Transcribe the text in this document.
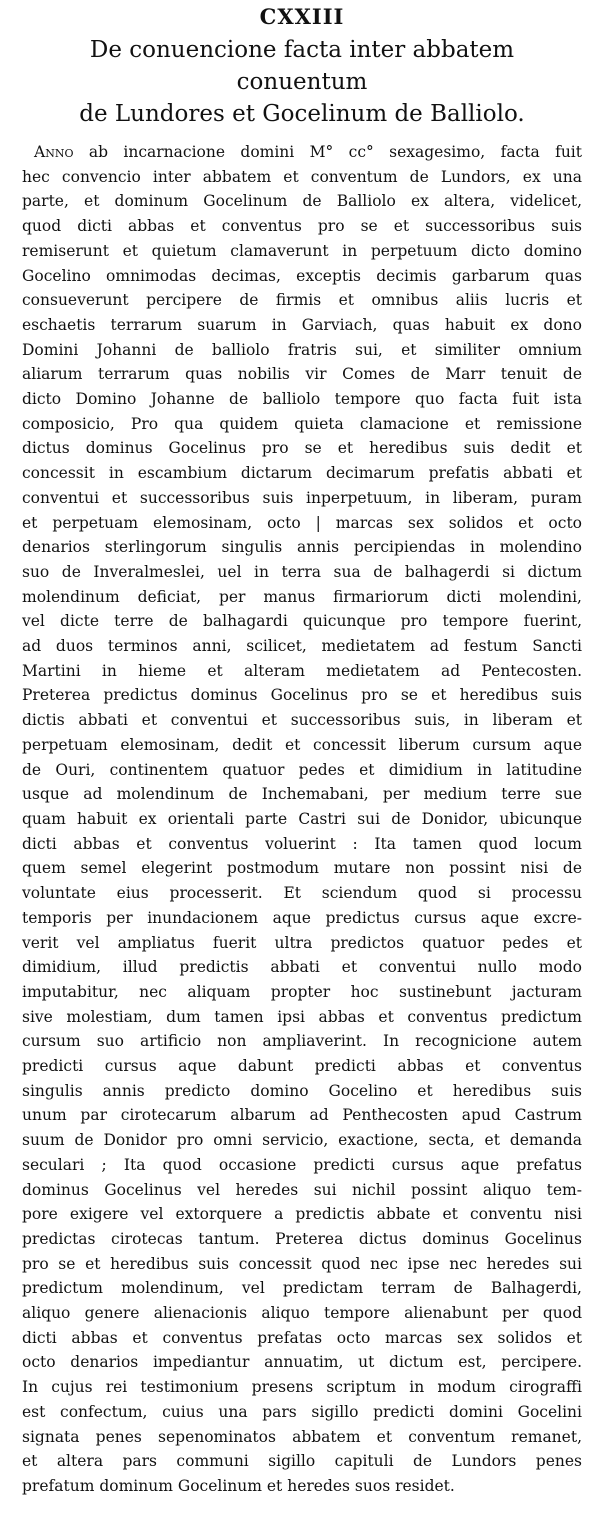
CXXIII
De conuencione facta inter abbatem conuentum
de Lundores et Gocelinum de Balliolo.
Anno ab incarnacione domini M° cc° sexagesimo, facta fuit
hec convencio inter abbatem et conventum de Lundors, ex una
parte, et dominum Gocelinum de Balliolo ex altera, videlicet,
quod dicti abbas et conventus pro se et successoribus suis
remiserunt et quietum clamaverunt in perpetuum dicto domino
Gocelino omnimodas decimas, exceptis decimis garbarum quas
consueverunt percipere de firmis et omnibus aliis lucris et
eschaetis terrarum suarum in Garviach, quas habuit ex dono
Domini Johanni de balliolo fratris sui, et similiter omnium
aliarum terrarum quas nobilis vir Comes de Marr tenuit de
dicto Domino Johanne de balliolo tempore quo facta fuit ista
composicio, Pro qua quidem quieta clamacione et remissione
dictus dominus Gocelinus pro se et heredibus suis dedit et
concessit in escambium dictarum decimarum prefatis abbati et
conventui et successoribus suis inperpetuum, in liberam, puram
et perpetuam elemosinam, octo | marcas sex solidos et octo
denarios sterlingorum singulis annis percipiendas in molendino
suo de Inveralmeslei, uel in terra sua de balhagerdi si dictum
molendinum deficiat, per manus firmariorum dicti molendini,
vel dicte terre de balhagardi quicunque pro tempore fuerint,
ad duos terminos anni, scilicet, medietatem ad festum Sancti
Martini in hieme et alteram medietatem ad Pentecosten.
Preterea predictus dominus Gocelinus pro se et heredibus suis
dictis abbati et conventui et successoribus suis, in liberam et
perpetuam elemosinam, dedit et concessit liberum cursum aque
de Ouri, continentem quatuor pedes et dimidium in latitudine
usque ad molendinum de Inchemabani, per medium terre sue
quam habuit ex orientali parte Castri sui de Donidor, ubicunque
dicti abbas et conventus voluerint : Ita tamen quod locum
quem semel elegerint postmodum mutare non possint nisi de
voluntate eius processerit. Et sciendum quod si processu
temporis per inundacionem aque predictus cursus aque excre-
verit vel ampliatus fuerit ultra predictos quatuor pedes et
dimidium, illud predictis abbati et conventui nullo modo
imputabitur, nec aliquam propter hoc sustinebunt jacturam
sive molestiam, dum tamen ipsi abbas et conventus predictum
cursum suo artificio non ampliaverint. In recognicione autem
predicti cursus aque dabunt predicti abbas et conventus
singulis annis predicto domino Gocelino et heredibus suis
unum par cirotecarum albarum ad Penthecosten apud Castrum
suum de Donidor pro omni servicio, exactione, secta, et demanda
seculari ; Ita quod occasione predicti cursus aque prefatus
dominus Gocelinus vel heredes sui nichil possint aliquo tem-
pore exigere vel extorquere a predictis abbate et conventu nisi
predictas cirotecas tantum. Preterea dictus dominus Gocelinus
pro se et heredibus suis concessit quod nec ipse nec heredes sui
predictum molendinum, vel predictam terram de Balhagerdi,
aliquo genere alienacionis aliquo tempore alienabunt per quod
dicti abbas et conventus prefatas octo marcas sex solidos et
octo denarios impediantur annuatim, ut dictum est, percipere.
In cujus rei testimonium presens scriptum in modum cirograffi
est confectum, cuius una pars sigillo predicti domini Gocelini
signata penes sepenominatos abbatem et conventum remanet,
et altera pars communi sigillo capituli de Lundors penes
prefatum dominum Gocelinum et heredes suos residet.
